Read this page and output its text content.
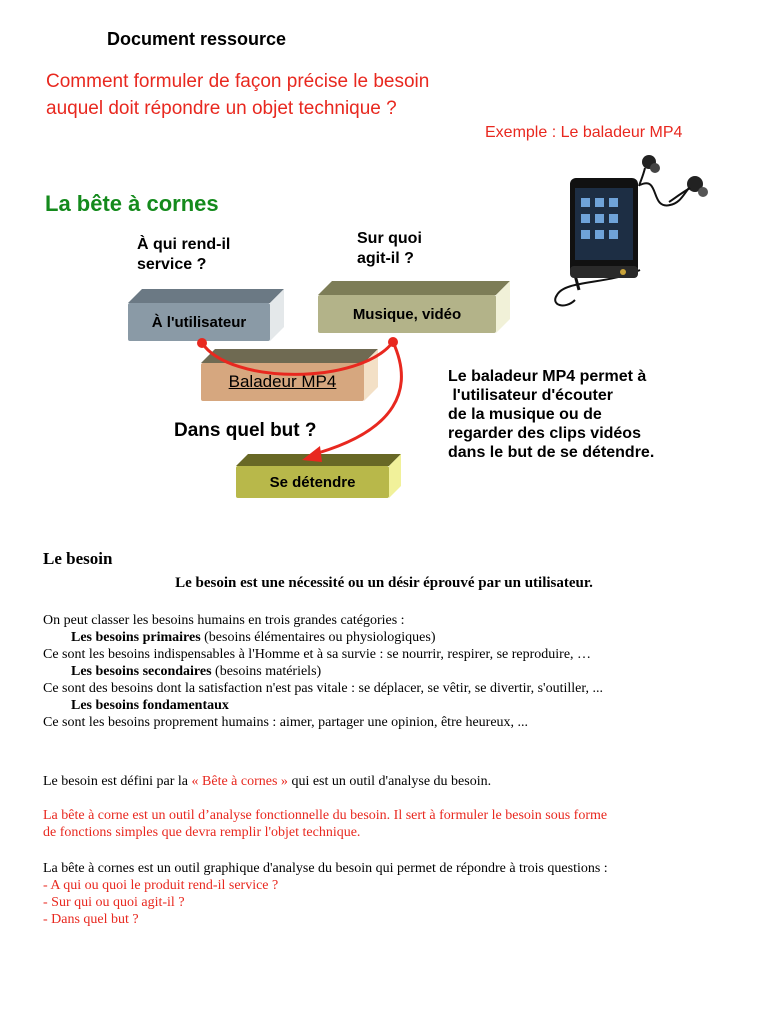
Document ressource
Comment formuler de façon précise le besoin
auquel doit répondre un objet technique ?
Exemple : Le baladeur MP4
La bête à cornes
À qui rend-il
service ?
Sur quoi
agit-il ?
Dans quel but ?
À l'utilisateur	Musique, vidéo
Baladeur MP4
Se détendre
Le baladeur MP4 permet à
l'utilisateur d'écouter
de la musique ou de
regarder des clips vidéos
dans le but de se détendre.
Le besoin
Le besoin est une nécessité ou un désir éprouvé par un utilisateur.
On peut classer les besoins humains en trois grandes catégories :
Les besoins primaires (besoins élémentaires ou physiologiques)
Ce sont les besoins indispensables à l'Homme et à sa survie : se nourrir, respirer, se reproduire, …
Les besoins secondaires (besoins matériels)
Ce sont des besoins dont la satisfaction n'est pas vitale : se déplacer, se vêtir, se divertir, s'outiller, ...
Les besoins fondamentaux
Ce sont les besoins proprement humains : aimer, partager une opinion, être heureux, ...
Le besoin est défini par la « Bête à cornes » qui est un outil d'analyse du besoin.
La bête à corne est un outil d’analyse fonctionnelle du besoin. Il sert à formuler le besoin sous forme
de fonctions simples que devra remplir l'objet technique.
La bête à cornes est un outil graphique d'analyse du besoin qui permet de répondre à trois questions :
- A qui ou quoi le produit rend-il service ?
- Sur qui ou quoi agit-il ?
- Dans quel but ?
